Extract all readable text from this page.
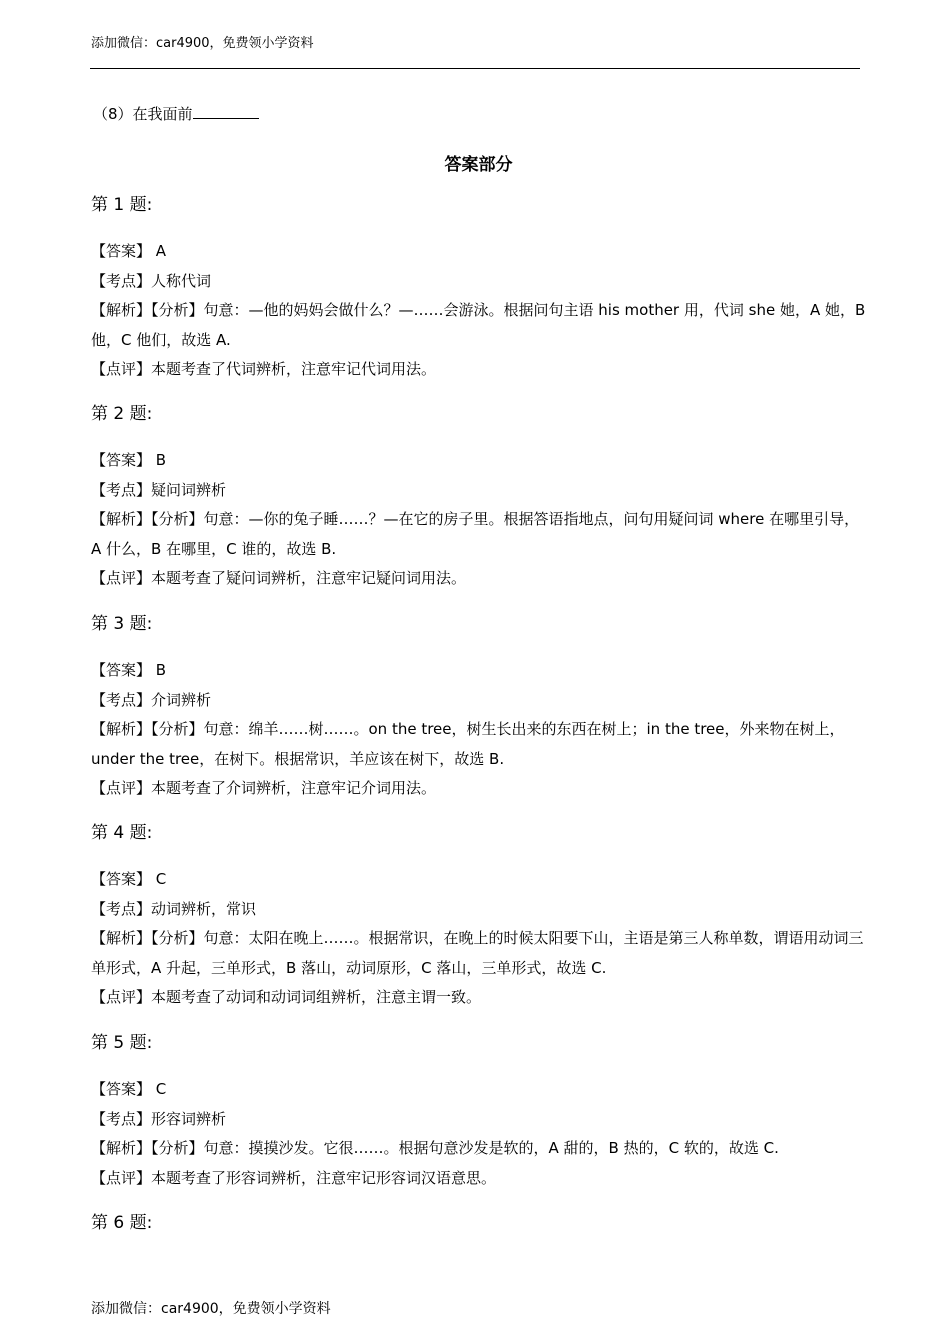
添加微信：car4900，免费领小学资料
（8）在我面前
答案部分
第 1 题:
【答案】 A
【考点】人称代词
【解析】【分析】句意：—他的妈妈会做什么？—……会游泳。根据问句主语 his mother 用，代词 she 她，A 她，B 他，C 他们，故选 A.
【点评】本题考查了代词辨析，注意牢记代词用法。
第 2 题:
【答案】 B
【考点】疑问词辨析
【解析】【分析】句意：—你的兔子睡……？—在它的房子里。根据答语指地点，问句用疑问词 where 在哪里引导，A 什么，B 在哪里，C 谁的，故选 B.
【点评】本题考查了疑问词辨析，注意牢记疑问词用法。
第 3 题:
【答案】 B
【考点】介词辨析
【解析】【分析】句意：绵羊……树……。on the tree，树生长出来的东西在树上；in the tree，外来物在树上，under the tree，在树下。根据常识，羊应该在树下，故选 B.
【点评】本题考查了介词辨析，注意牢记介词用法。
第 4 题:
【答案】 C
【考点】动词辨析，常识
【解析】【分析】句意：太阳在晚上……。根据常识，在晚上的时候太阳要下山，主语是第三人称单数，谓语用动词三单形式，A 升起，三单形式，B 落山，动词原形，C 落山，三单形式，故选 C.
【点评】本题考查了动词和动词词组辨析，注意主谓一致。
第 5 题:
【答案】 C
【考点】形容词辨析
【解析】【分析】句意：摸摸沙发。它很……。根据句意沙发是软的，A 甜的，B 热的，C 软的，故选 C.
【点评】本题考查了形容词辨析，注意牢记形容词汉语意思。
第 6 题:
添加微信：car4900，免费领小学资料
